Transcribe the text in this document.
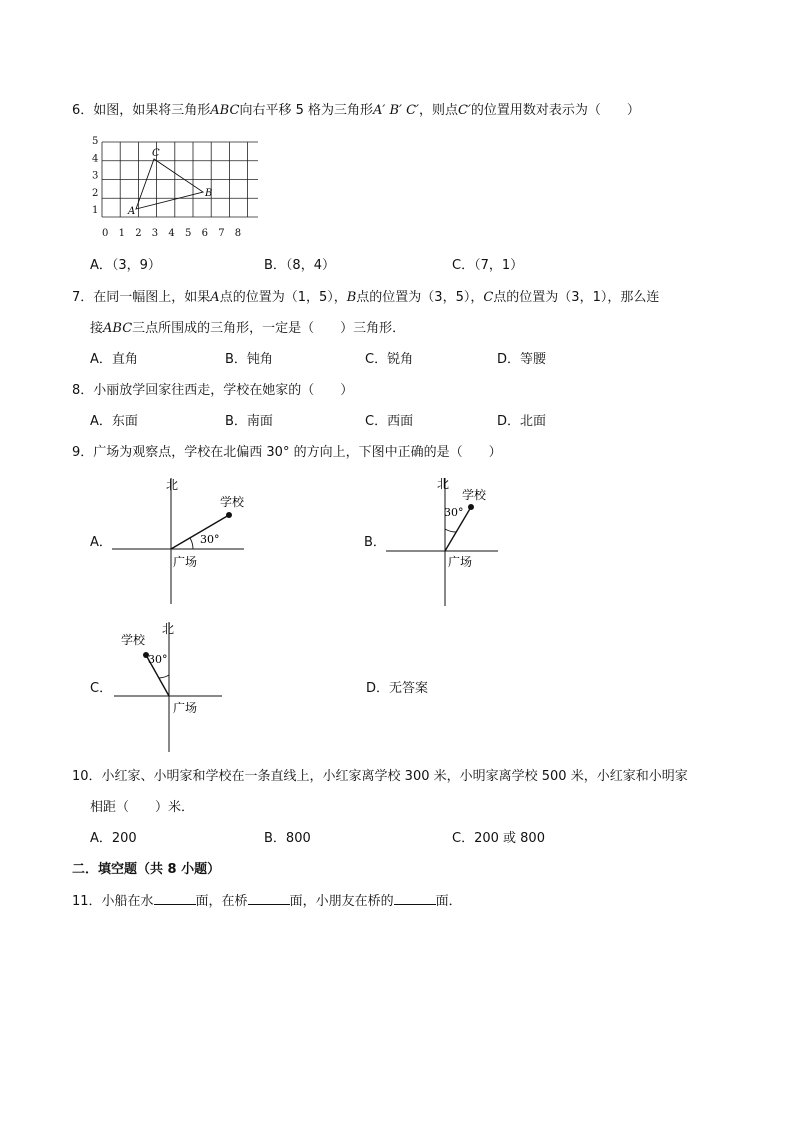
6．如图，如果将三角形ABC向右平移 5 格为三角形A′ B′ C′，则点C′的位置用数对表示为（　　）
1
2
3
4
5
0 1 2 3 4 5 6 7 8
A
B
C
A．（3，9）	B．（8，4）	C．（7，1）
7．在同一幅图上，如果A点的位置为（1，5），B点的位置为（3，5），C点的位置为（3，1），那么连
接ABC三点所围成的三角形，一定是（　　）三角形．
A．直角	B．钝角	C．锐角	D．等腰
8．小丽放学回家往西走，学校在她家的（　　）
A．东面	B．南面	C．西面	D．北面
9．广场为观察点，学校在北偏西 30° 的方向上，下图中正确的是（　　）
A．
北
学校
30°
广场
B．
北
学校
30°
广场
C．
北
学校
30°
广场
D．无答案
10．小红家、小明家和学校在一条直线上，小红家离学校 300 米，小明家离学校 500 米，小红家和小明家
相距（　　）米．
A．200	B．800	C．200 或 800
二．填空题（共 8 小题）
11．小船在水	面，在桥	面，小朋友在桥的	面．
